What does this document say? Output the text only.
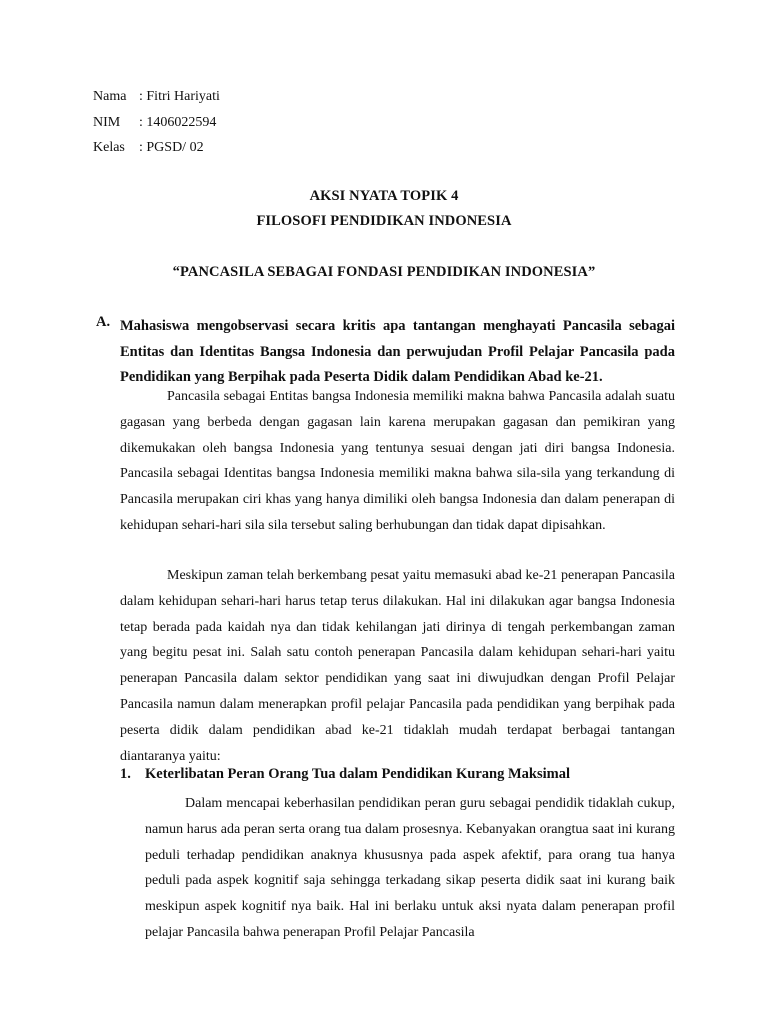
Nama : Fitri Hariyati
NIM	: 1406022594
Kelas	: PGSD/ 02
AKSI NYATA TOPIK 4
FILOSOFI PENDIDIKAN INDONESIA
“PANCASILA SEBAGAI FONDASI PENDIDIKAN INDONESIA”
A. Mahasiswa mengobservasi secara kritis apa tantangan menghayati Pancasila sebagai Entitas dan Identitas Bangsa Indonesia dan perwujudan Profil Pelajar Pancasila pada Pendidikan yang Berpihak pada Peserta Didik dalam Pendidikan Abad ke-21.
Pancasila sebagai Entitas bangsa Indonesia memiliki makna bahwa Pancasila adalah suatu gagasan yang berbeda dengan gagasan lain karena merupakan gagasan dan pemikiran yang dikemukakan oleh bangsa Indonesia yang tentunya sesuai dengan jati diri bangsa Indonesia. Pancasila sebagai Identitas bangsa Indonesia memiliki makna bahwa sila-sila yang terkandung di Pancasila merupakan ciri khas yang hanya dimiliki oleh bangsa Indonesia dan dalam penerapan di kehidupan sehari-hari sila sila tersebut saling berhubungan dan tidak dapat dipisahkan.
Meskipun zaman telah berkembang pesat yaitu memasuki abad ke-21 penerapan Pancasila dalam kehidupan sehari-hari harus tetap terus dilakukan. Hal ini dilakukan agar bangsa Indonesia tetap berada pada kaidah nya dan tidak kehilangan jati dirinya di tengah perkembangan zaman yang begitu pesat ini. Salah satu contoh penerapan Pancasila dalam kehidupan sehari-hari yaitu penerapan Pancasila dalam sektor pendidikan yang saat ini diwujudkan dengan Profil Pelajar Pancasila namun dalam menerapkan profil pelajar Pancasila pada pendidikan yang berpihak pada peserta didik dalam pendidikan abad ke-21 tidaklah mudah terdapat berbagai tantangan diantaranya yaitu:
1. Keterlibatan Peran Orang Tua dalam Pendidikan Kurang Maksimal
Dalam mencapai keberhasilan pendidikan peran guru sebagai pendidik tidaklah cukup, namun harus ada peran serta orang tua dalam prosesnya. Kebanyakan orangtua saat ini kurang peduli terhadap pendidikan anaknya khususnya pada aspek afektif, para orang tua hanya peduli pada aspek kognitif saja sehingga terkadang sikap peserta didik saat ini kurang baik meskipun aspek kognitif nya baik. Hal ini berlaku untuk aksi nyata dalam penerapan profil pelajar Pancasila bahwa penerapan Profil Pelajar Pancasila
